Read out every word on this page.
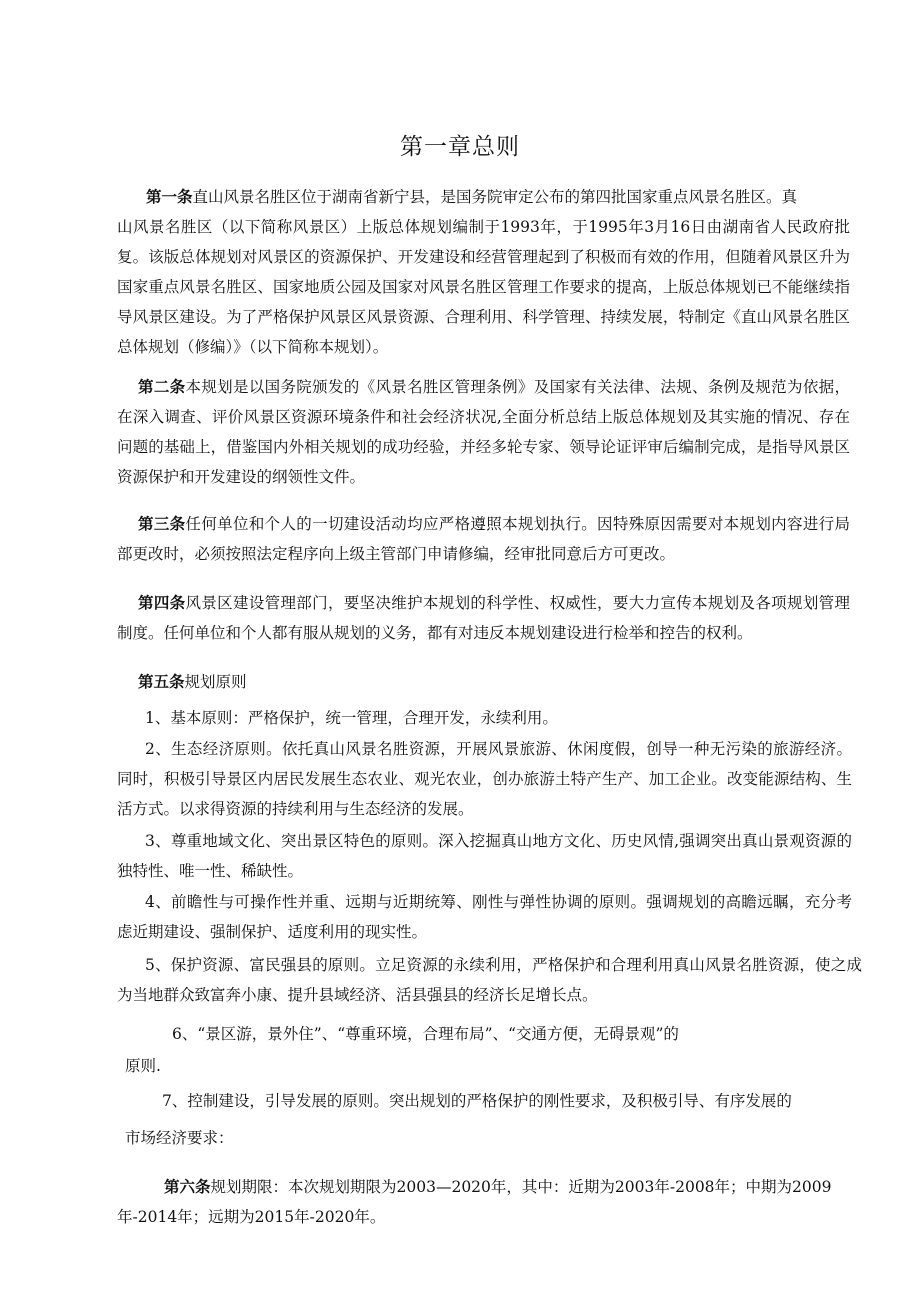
第一章总则
第一条直山风景名胜区位于湖南省新宁县，是国务院审定公布的第四批国家重点风景名胜区。真
山风景名胜区（以下简称风景区）上版总体规划编制于1993年，于1995年3月16日由湖南省人民政府批复。该版总体规划对风景区的资源保护、开发建设和经营管理起到了积极而有效的作用，但随着风景区升为国家重点风景名胜区、国家地质公园及国家对风景名胜区管理工作要求的提高，上版总体规划已不能继续指导风景区建设。为了严格保护风景区风景资源、合理利用、科学管理、持续发展，特制定《直山风景名胜区总体规划（修编）》（以下简称本规划）。
第二条本规划是以国务院颁发的《风景名胜区管理条例》及国家有关法律、法规、条例及规范为依据，在深入调查、评价风景区资源环境条件和社会经济状况,全面分析总结上版总体规划及其实施的情况、存在问题的基础上，借鉴国内外相关规划的成功经验，并经多轮专家、领导论证评审后编制完成，是指导风景区资源保护和开发建设的纲领性文件。
第三条任何单位和个人的一切建设活动均应严格遵照本规划执行。因特殊原因需要对本规划内容进行局部更改时，必须按照法定程序向上级主管部门申请修编，经审批同意后方可更改。
第四条风景区建设管理部门，要坚决维护本规划的科学性、权威性，要大力宣传本规划及各项规划管理制度。任何单位和个人都有服从规划的义务，都有对违反本规划建设进行检举和控告的权利。
第五条规划原则
1、基本原则：严格保护，统一管理，合理开发，永续利用。
2、生态经济原则。依托真山风景名胜资源，开展风景旅游、休闲度假，创导一种无污染的旅游经济。同时，积极引导景区内居民发展生态农业、观光农业，创办旅游土特产生产、加工企业。改变能源结构、生活方式。以求得资源的持续利用与生态经济的发展。
3、尊重地域文化、突出景区特色的原则。深入挖掘真山地方文化、历史风情,强调突出真山景观资源的独特性、唯一性、稀缺性。
4、前瞻性与可操作性并重、远期与近期统筹、刚性与弹性协调的原则。强调规划的高瞻远瞩，充分考虑近期建设、强制保护、适度利用的现实性。
5、保护资源、富民强县的原则。立足资源的永续利用，严格保护和合理利用真山风景名胜资源，使之成为当地群众致富奔小康、提升县域经济、活县强县的经济长足增长点。
6、“景区游，景外住”、“尊重环境，合理布局”、“交通方便，无碍景观”的
原则.
7、控制建设，引导发展的原则。突出规划的严格保护的刚性要求，及积极引导、有序发展的
市场经济要求：
第六条规划期限：本次规划期限为2003—2020年，其中：近期为2003年-2008年；中期为2009
年-2014年；远期为2015年-2020年。
